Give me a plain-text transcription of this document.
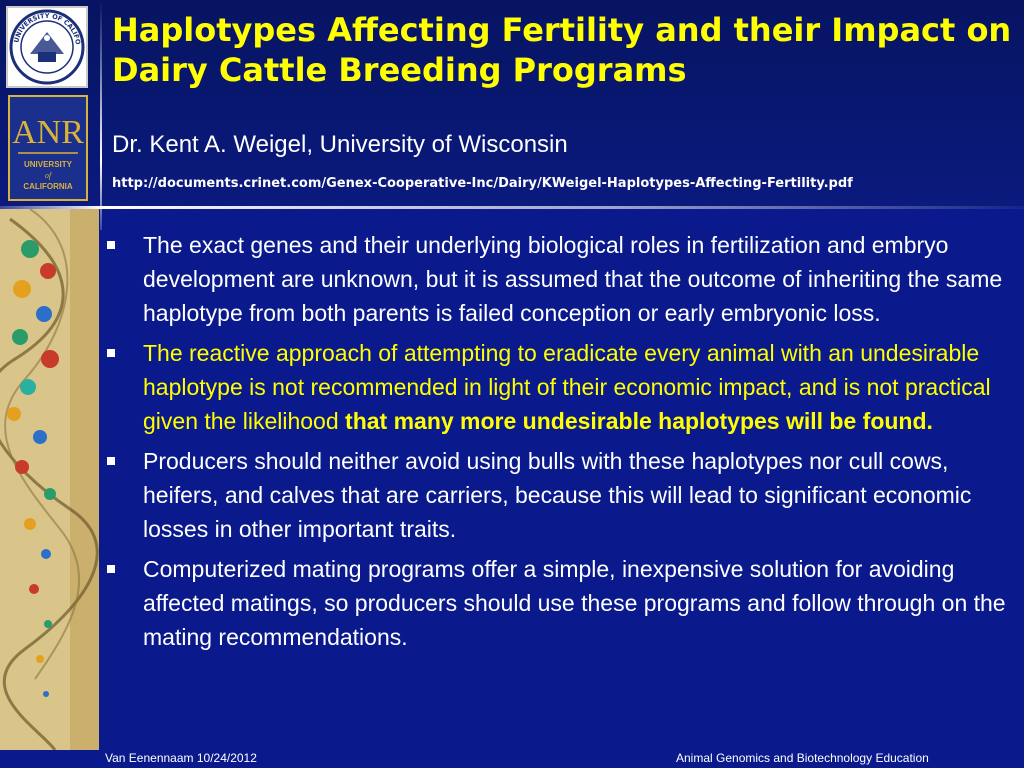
UNIVERSITY OF CALIFO
ANR
UNIVERSITY
of
CALIFORNIA
Haplotypes Affecting Fertility and their Impact on Dairy Cattle Breeding Programs
Dr. Kent A. Weigel, University of Wisconsin
http://documents.crinet.com/Genex-Cooperative-Inc/Dairy/KWeigel-Haplotypes-Affecting-Fertility.pdf
The exact genes and their underlying biological roles in fertilization and embryo development are unknown, but it is assumed that the outcome of inheriting the same haplotype from both parents is failed conception or early embryonic loss.
The reactive approach of attempting to eradicate every animal with an undesirable haplotype is not recommended in light of their economic impact, and is not practical given the likelihood that many more undesirable haplotypes will be found.
Producers should neither avoid using bulls with these haplotypes nor cull cows, heifers, and calves that are carriers, because this will lead to significant economic losses in other important traits.
Computerized mating programs offer a simple, inexpensive solution for avoiding affected matings, so producers should use these programs and follow through on the mating recommendations.
Van Eenennaam 10/24/2012	Animal Genomics and Biotechnology Education
